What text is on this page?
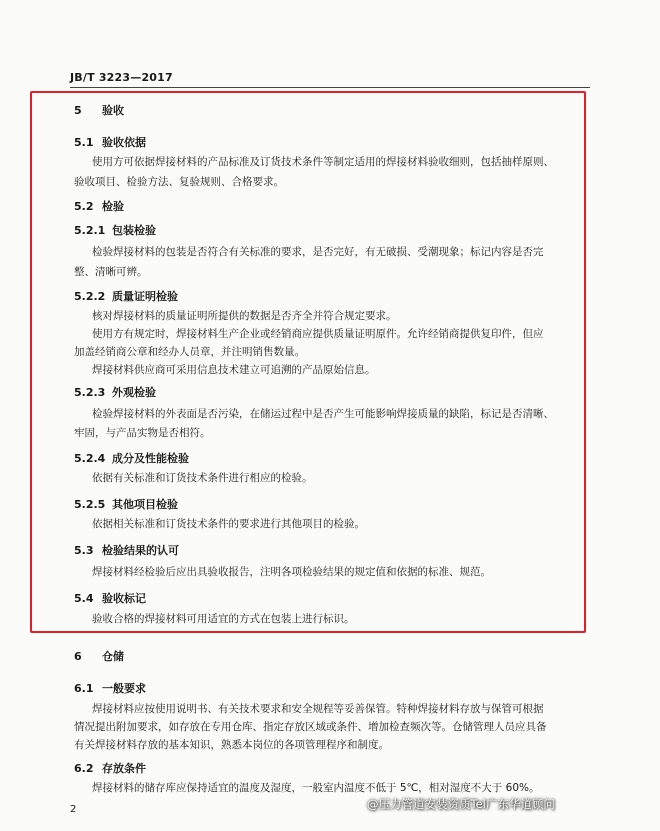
JB/T 3223—2017
5 验收
5.1 验收依据
使用方可依据焊接材料的产品标准及订货技术条件等制定适用的焊接材料验收细则，包括抽样原则、
验收项目、检验方法、复验规则、合格要求。
5.2 检验
5.2.1 包装检验
检验焊接材料的包装是否符合有关标准的要求，是否完好，有无破损、受潮现象；标记内容是否完
整、清晰可辨。
5.2.2 质量证明检验
核对焊接材料的质量证明所提供的数据是否齐全并符合规定要求。
使用方有规定时，焊接材料生产企业或经销商应提供质量证明原件。允许经销商提供复印件，但应
加盖经销商公章和经办人员章，并注明销售数量。
焊接材料供应商可采用信息技术建立可追溯的产品原始信息。
5.2.3 外观检验
检验焊接材料的外表面是否污染，在储运过程中是否产生可能影响焊接质量的缺陷，标记是否清晰、
牢固，与产品实物是否相符。
5.2.4 成分及性能检验
依据有关标准和订货技术条件进行相应的检验。
5.2.5 其他项目检验
依据相关标准和订货技术条件的要求进行其他项目的检验。
5.3 检验结果的认可
焊接材料经检验后应出具验收报告，注明各项检验结果的规定值和依据的标准、规范。
5.4 验收标记
验收合格的焊接材料可用适宜的方式在包装上进行标识。
6 仓储
6.1 一般要求
焊接材料应按使用说明书、有关技术要求和安全规程等妥善保管。特种焊接材料存放与保管可根据
情况提出附加要求，如存放在专用仓库、指定存放区域或条件、增加检查频次等。仓储管理人员应具备
有关焊接材料存放的基本知识，熟悉本岗位的各项管理程序和制度。
6.2 存放条件
焊接材料的储存库应保持适宜的温度及湿度，一般室内温度不低于 5℃，相对湿度不大于 60%。
2	@压力管道安装资质Tel广东华道顾问
